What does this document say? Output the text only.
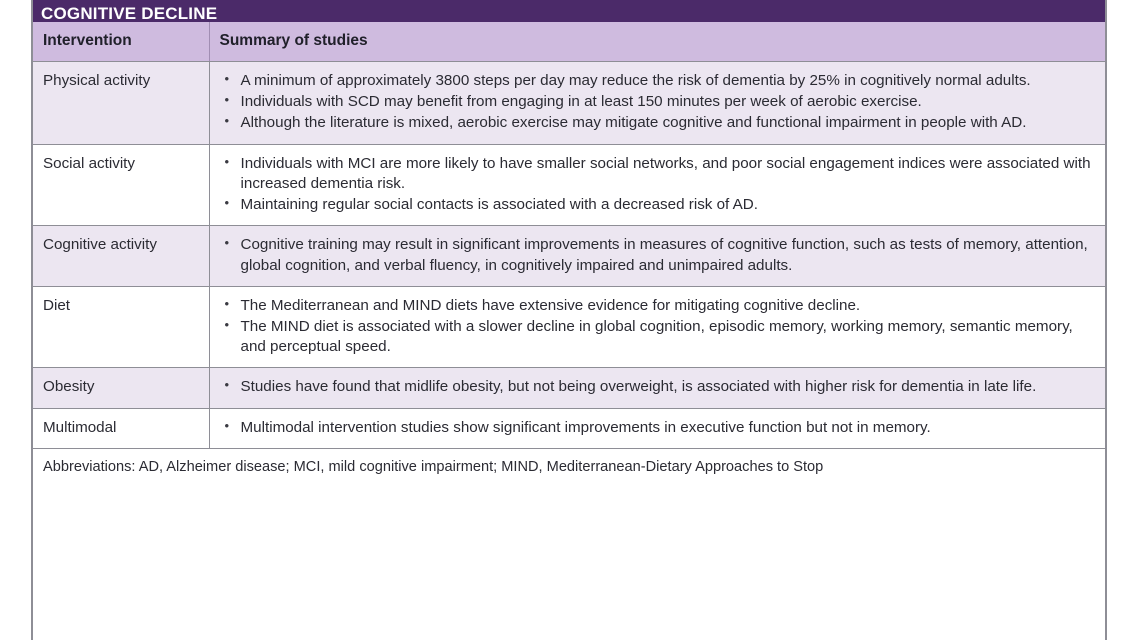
COGNITIVE DECLINE
Intervention	Summary of studies
Physical activity	
•A minimum of approximately 3800 steps per day may reduce the risk of dementia by 25% in cognitively normal adults.
• Individuals with SCD may benefit from engaging in at least 150 minutes per week of aerobic exercise.
• Although the literature is mixed, aerobic exercise may mitigate cognitive and functional impairment in people with AD.

Social activity	
•Individuals with MCI are more likely to have smaller social networks, and poor social engagement indices were associated with increased dementia risk.
• Maintaining regular social contacts is associated with a decreased risk of AD.

Cognitive activity	
•Cognitive training may result in significant improvements in measures of cognitive function, such as tests of memory, attention, global cognition, and verbal fluency, in cognitively impaired and unimpaired adults.

Diet	
•The Mediterranean and MIND diets have extensive evidence for mitigating cognitive decline.
• The MIND diet is associated with a slower decline in global cognition, episodic memory, working memory, semantic memory, and perceptual speed.

Obesity	
•Studies have found that midlife obesity, but not being overweight, is associated with higher risk for dementia in late life.

Multimodal	
•Multimodal intervention studies show significant improvements in executive function but not in memory.
Abbreviations: AD, Alzheimer disease; MCI, mild cognitive impairment; MIND, Mediterranean-Dietary Approaches to Stop
